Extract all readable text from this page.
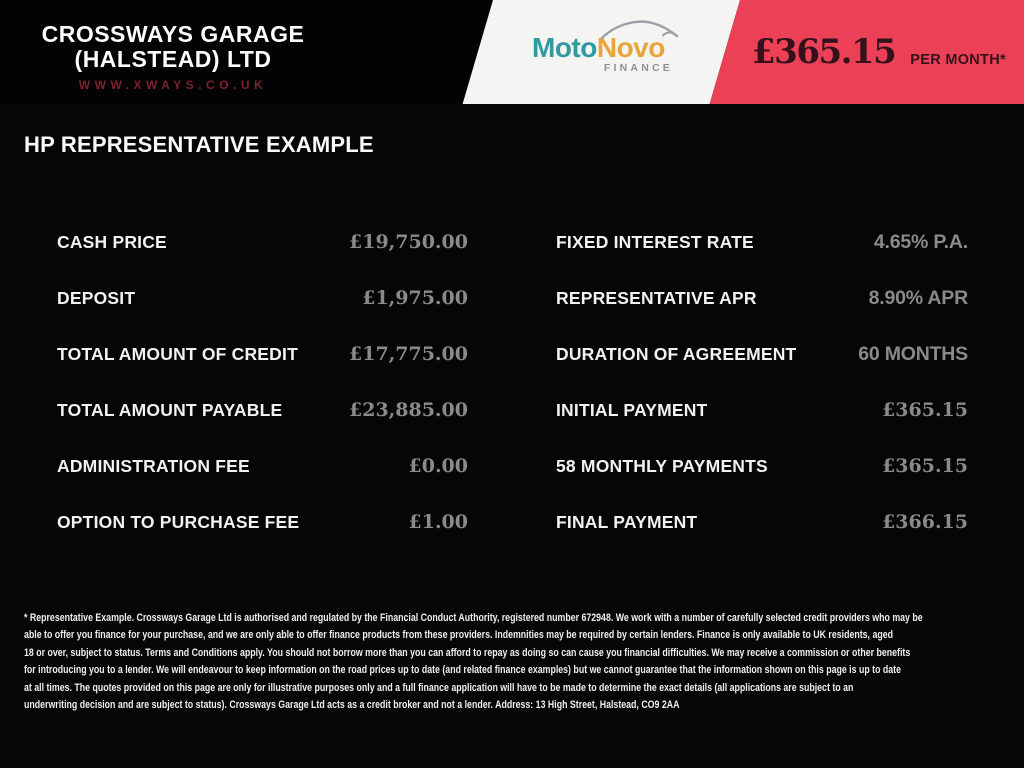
CROSSWAYS GARAGE
(HALSTEAD) LTD
WWW.XWAYS.CO.UK
MotoNovo
FINANCE £365.15 PER MONTH*
HP REPRESENTATIVE EXAMPLE
CASH PRICE	£19,750.00
DEPOSIT	£1,975.00
TOTAL AMOUNT OF CREDIT	£17,775.00
TOTAL AMOUNT PAYABLE	£23,885.00
ADMINISTRATION FEE	£0.00
OPTION TO PURCHASE FEE	£1.00
FIXED INTEREST RATE	4.65% P.A.
REPRESENTATIVE APR	8.90% APR
DURATION OF AGREEMENT	60 MONTHS
INITIAL PAYMENT	£365.15
58 MONTHLY PAYMENTS	£365.15
FINAL PAYMENT	£366.15
* Representative Example. Crossways Garage Ltd is authorised and regulated by the Financial Conduct Authority, registered number 672948. We work with a number of carefully selected credit providers who may be
able to offer you finance for your purchase, and we are only able to offer finance products from these providers. Indemnities may be required by certain lenders. Finance is only available to UK residents, aged
18 or over, subject to status. Terms and Conditions apply. You should not borrow more than you can afford to repay as doing so can cause you financial difficulties. We may receive a commission or other benefits
for introducing you to a lender. We will endeavour to keep information on the road prices up to date (and related finance examples) but we cannot guarantee that the information shown on this page is up to date
at all times. The quotes provided on this page are only for illustrative purposes only and a full finance application will have to be made to determine the exact details (all applications are subject to an
underwriting decision and are subject to status). Crossways Garage Ltd acts as a credit broker and not a lender. Address: 13 High Street, Halstead, CO9 2AA
